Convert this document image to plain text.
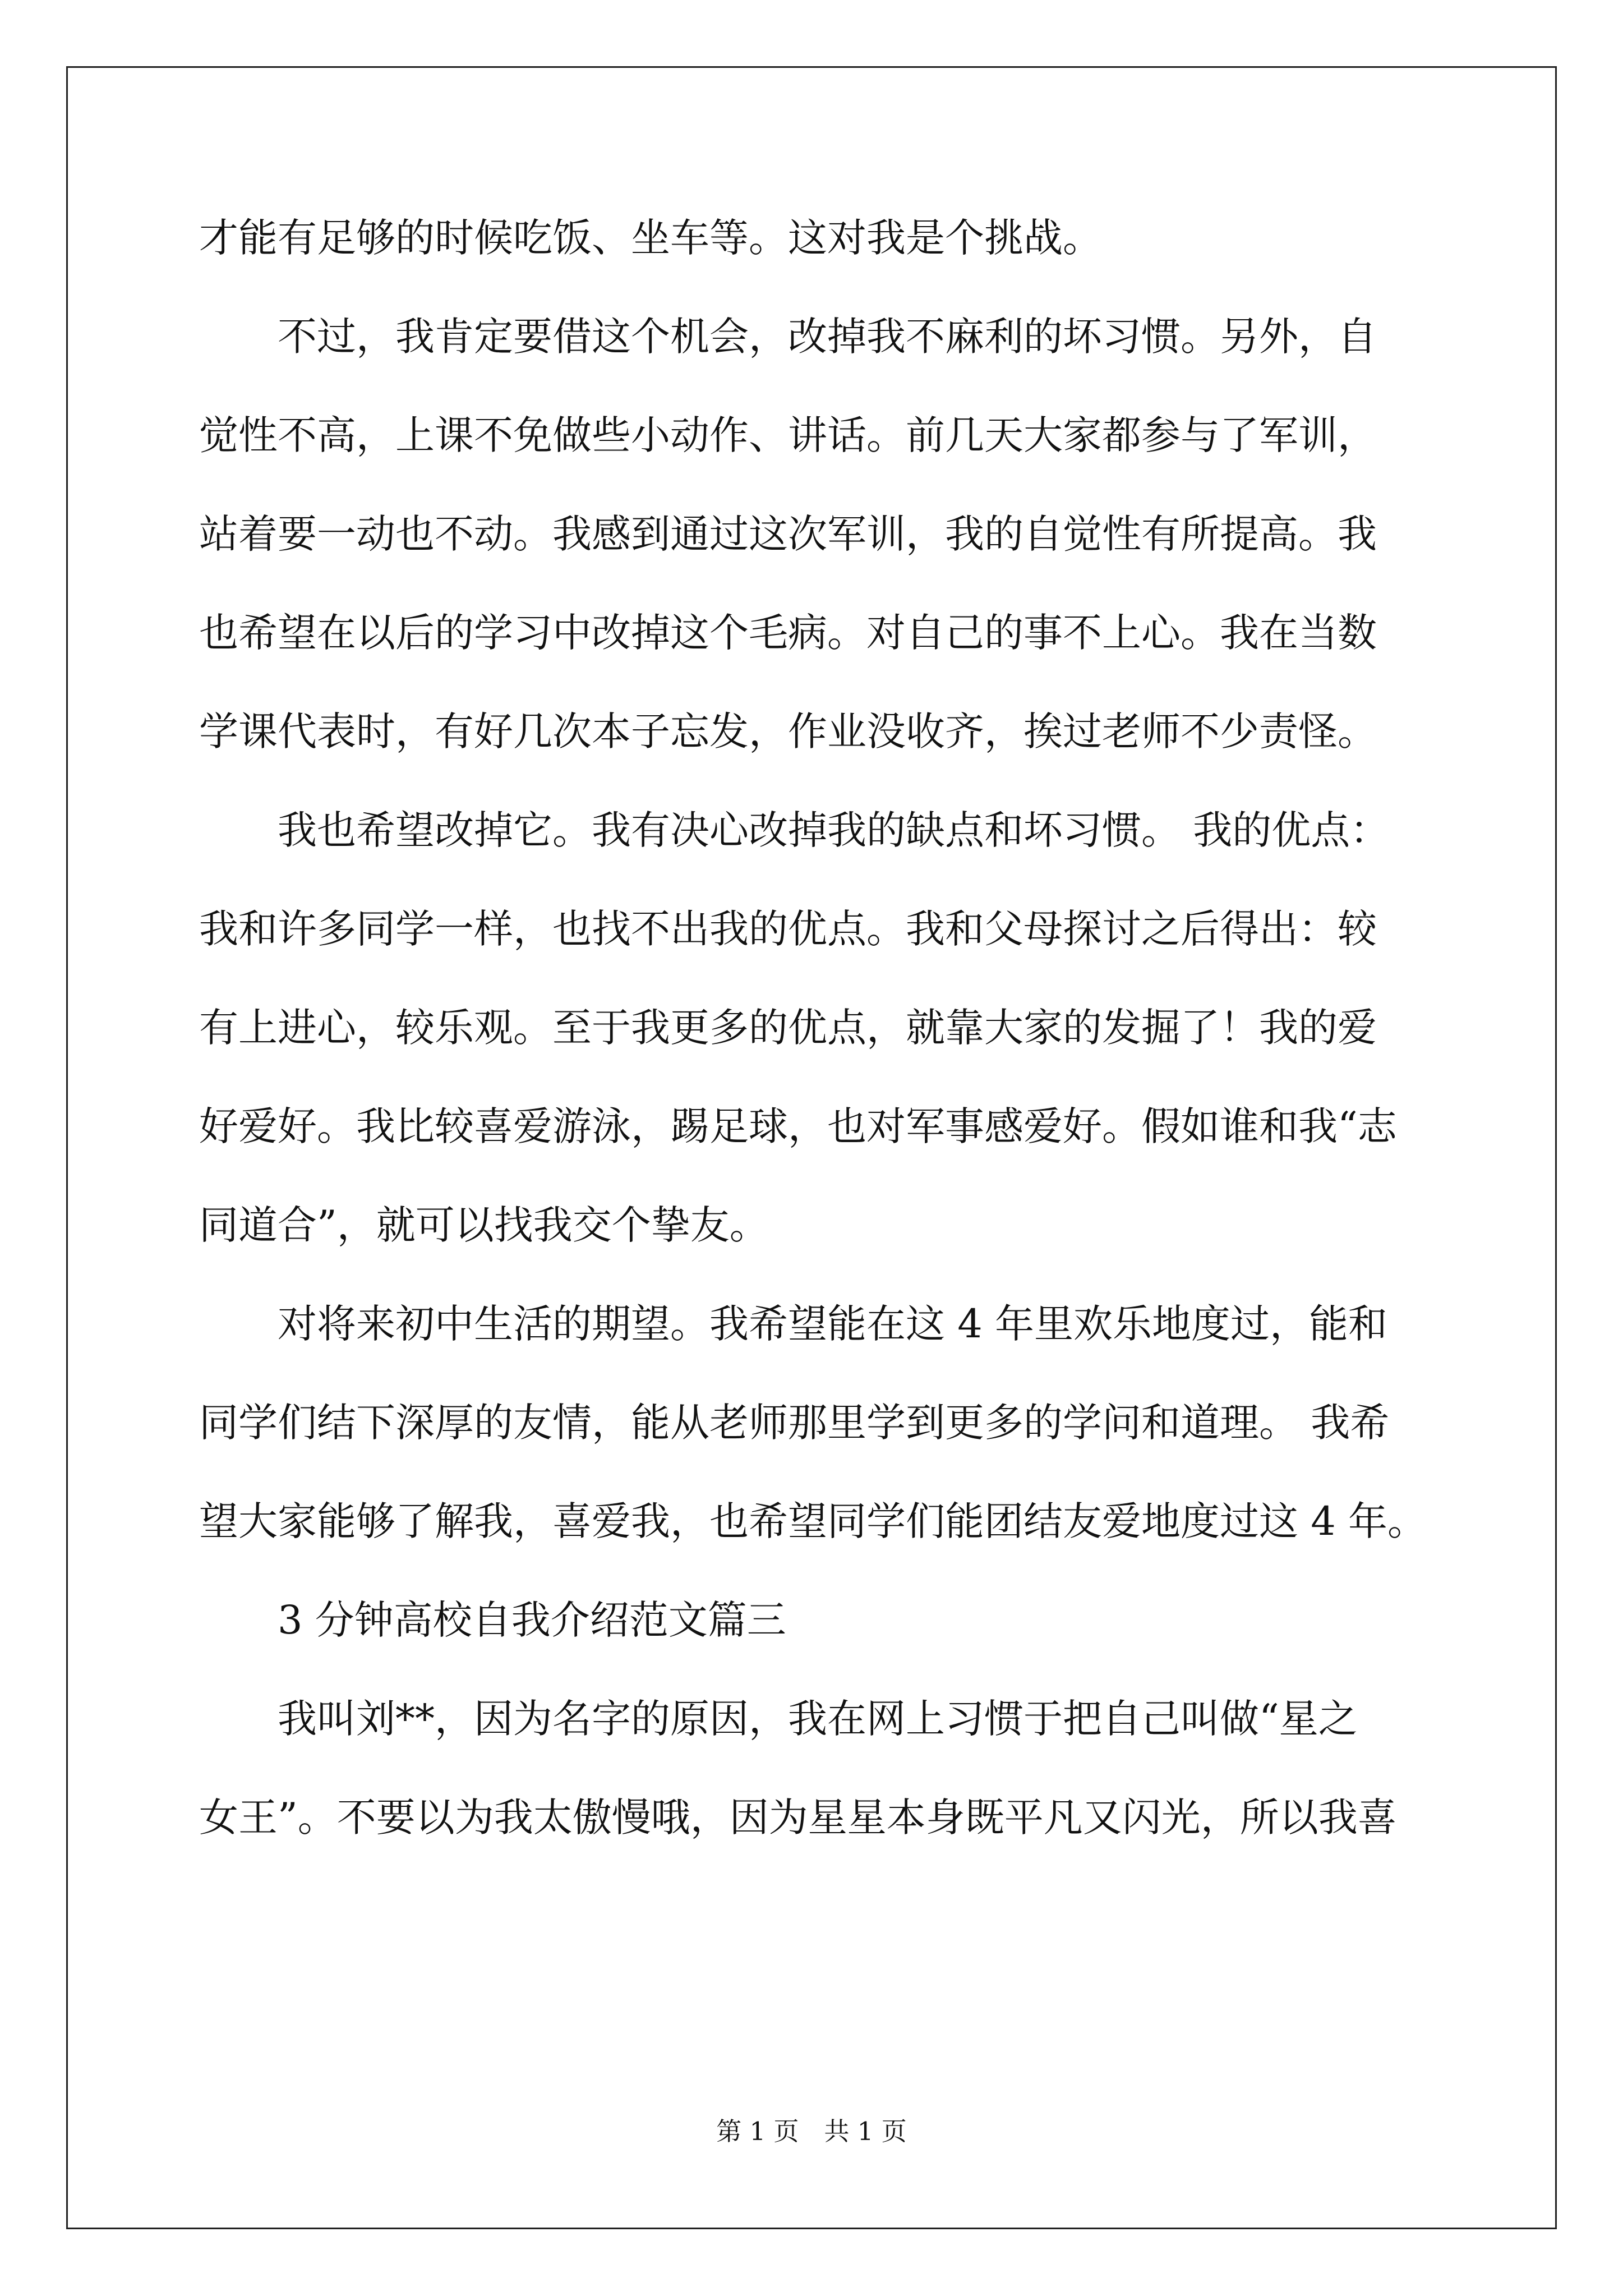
才能有足够的时候吃饭、坐车等。这对我是个挑战。
　　不过，我肯定要借这个机会，改掉我不麻利的坏习惯。另外，自
觉性不高，上课不免做些小动作、讲话。前几天大家都参与了军训，
站着要一动也不动。我感到通过这次军训，我的自觉性有所提高。我
也希望在以后的学习中改掉这个毛病。对自己的事不上心。我在当数
学课代表时，有好几次本子忘发，作业没收齐，挨过老师不少责怪。
　　我也希望改掉它。我有决心改掉我的缺点和坏习惯。 我的优点：
我和许多同学一样，也找不出我的优点。我和父母探讨之后得出：较
有上进心，较乐观。至于我更多的优点，就靠大家的发掘了！我的爱
好爱好。我比较喜爱游泳，踢足球，也对军事感爱好。假如谁和我“志
同道合”，就可以找我交个挚友。
　　对将来初中生活的期望。我希望能在这 4 年里欢乐地度过，能和
同学们结下深厚的友情，能从老师那里学到更多的学问和道理。 我希
望大家能够了解我，喜爱我，也希望同学们能团结友爱地度过这 4 年。
　　3 分钟高校自我介绍范文篇三
　　我叫刘**，因为名字的原因，我在网上习惯于把自己叫做“星之
女王”。不要以为我太傲慢哦，因为星星本身既平凡又闪光，所以我喜
第 1 页　共 1 页
